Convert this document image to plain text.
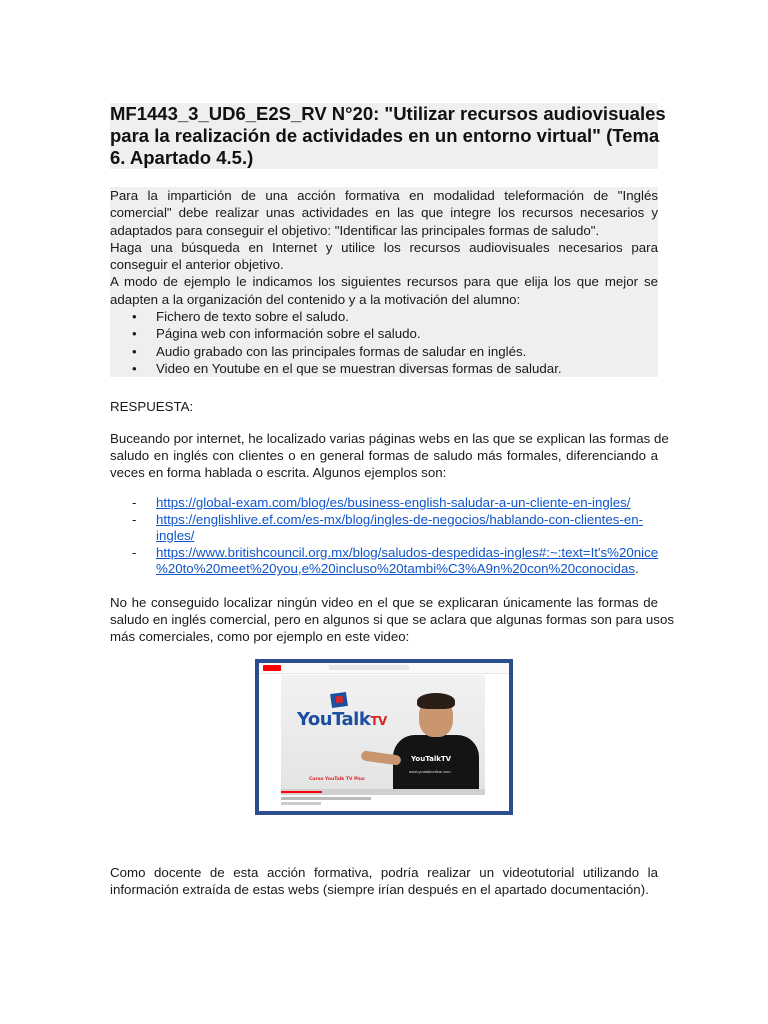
MF1443_3_UD6_E2S_RV N°20: "Utilizar recursos audiovisuales
para la realización de actividades en un entorno virtual" (Tema
6. Apartado 4.5.)
Para la impartición de una acción formativa en modalidad teleformación de "Inglés
comercial" debe realizar unas actividades en las que integre los recursos necesarios y
adaptados para conseguir el objetivo: "Identificar las principales formas de saludo".
Haga una búsqueda en Internet y utilice los recursos audiovisuales necesarios para
conseguir el anterior objetivo.
A modo de ejemplo le indicamos los siguientes recursos para que elija los que mejor se
adapten a la organización del contenido y a la motivación del alumno:
• Fichero de texto sobre el saludo.
• Página web con información sobre el saludo.
• Audio grabado con las principales formas de saludar en inglés.
• Video en Youtube en el que se muestran diversas formas de saludar.
RESPUESTA:
Buceando por internet, he localizado varias páginas webs en las que se explican las formas de
saludo en inglés con clientes o en general formas de saludo más formales, diferenciando a
veces en forma hablada o escrita. Algunos ejemplos son:
- https://global-exam.com/blog/es/business-english-saludar-a-un-cliente-en-ingles/
- https://englishlive.ef.com/es-mx/blog/ingles-de-negocios/hablando-con-clientes-en-
ingles/
- https://www.britishcouncil.org.mx/blog/saludos-despedidas-ingles#:~:text=It's%20nice
%20to%20meet%20you,e%20incluso%20tambi%C3%A9n%20con%20conocidas.
No he conseguido localizar ningún video en el que se explicaran únicamente las formas de
saludo en inglés comercial, pero en algunos si que se aclara que algunas formas son para usos
más comerciales, como por ejemplo en este video:
Como docente de esta acción formativa, podría realizar un videotutorial utilizando la
información extraída de estas webs (siempre irían después en el apartado documentación).
YouTalkTV
YouTalkTV
www.youtalkonline.com
Curso YouTalk TV Plus
